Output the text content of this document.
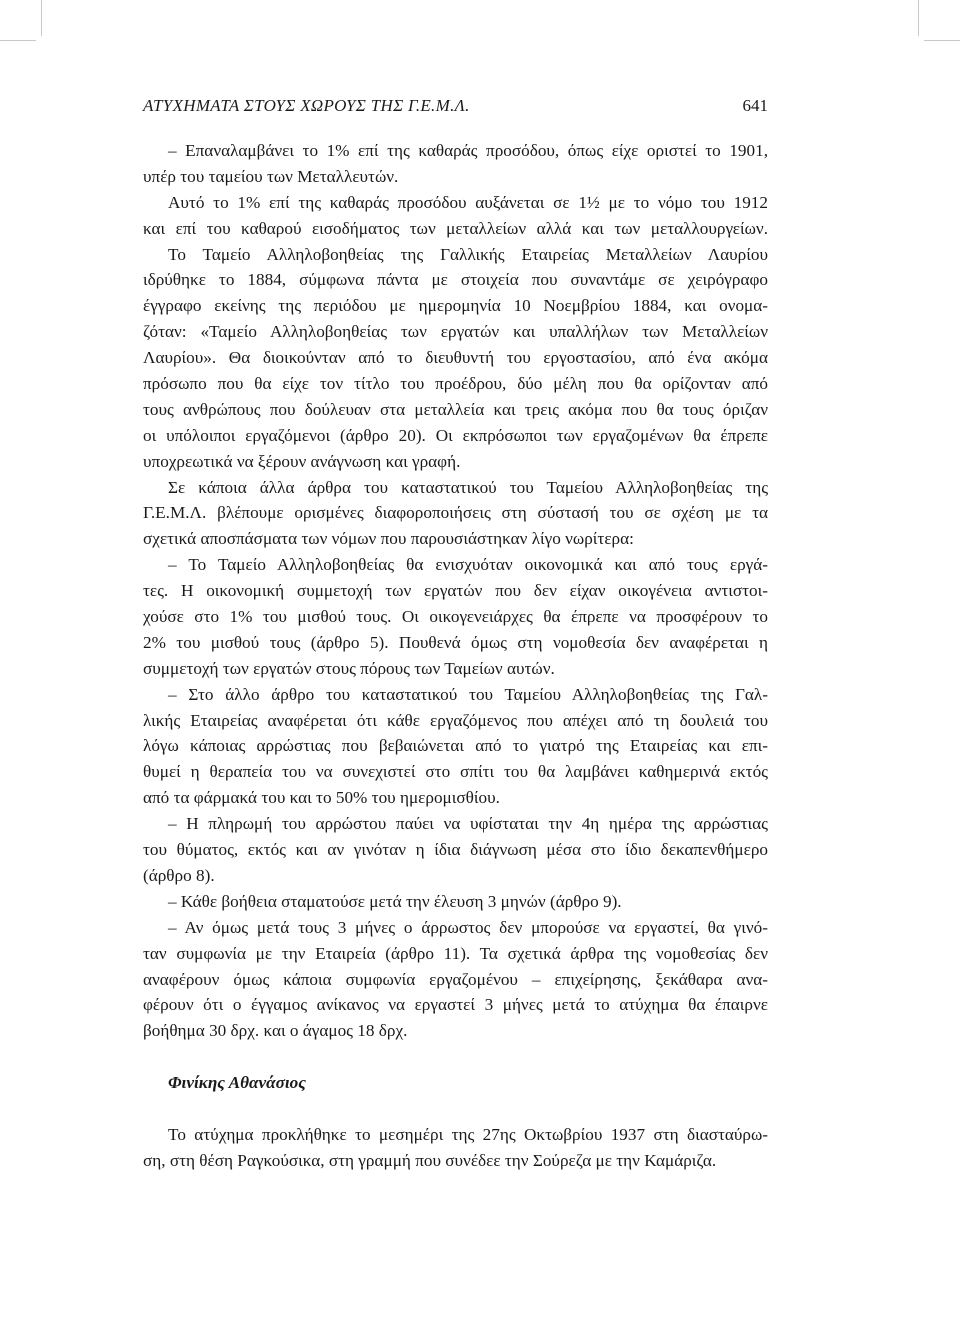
ΑΤΥΧΗΜΑΤΑ ΣΤΟΥΣ ΧΩΡΟΥΣ ΤΗΣ Γ.Ε.Μ.Λ.	641
– Επαναλαμβάνει το 1% επί της καθαράς προσόδου, όπως είχε οριστεί το 1901,
υπέρ του ταμείου των Μεταλλευτών.
Αυτό το 1% επί της καθαράς προσόδου αυξάνεται σε 1½ με το νόμο του 1912
και επί του καθαρού εισοδήματος των μεταλλείων αλλά και των μεταλλουργείων.
Το Ταμείο Αλληλοβοηθείας της Γαλλικής Εταιρείας Μεταλλείων Λαυρίου
ιδρύθηκε το 1884, σύμφωνα πάντα με στοιχεία που συναντάμε σε χειρόγραφο
έγγραφο εκείνης της περιόδου με ημερομηνία 10 Νοεμβρίου 1884, και ονομα-
ζόταν: «Ταμείο Αλληλοβοηθείας των εργατών και υπαλλήλων των Μεταλλείων
Λαυρίου». Θα διοικούνταν από το διευθυντή του εργοστασίου, από ένα ακόμα
πρόσωπο που θα είχε τον τίτλο του προέδρου, δύο μέλη που θα ορίζονταν από
τους ανθρώπους που δούλευαν στα μεταλλεία και τρεις ακόμα που θα τους όριζαν
οι υπόλοιποι εργαζόμενοι (άρθρο 20). Οι εκπρόσωποι των εργαζομένων θα έπρεπε
υποχρεωτικά να ξέρουν ανάγνωση και γραφή.
Σε κάποια άλλα άρθρα του καταστατικού του Ταμείου Αλληλοβοηθείας της
Γ.Ε.Μ.Λ. βλέπουμε ορισμένες διαφοροποιήσεις στη σύστασή του σε σχέση με τα
σχετικά αποσπάσματα των νόμων που παρουσιάστηκαν λίγο νωρίτερα:
– Το Ταμείο Αλληλοβοηθείας θα ενισχυόταν οικονομικά και από τους εργά-
τες. Η οικονομική συμμετοχή των εργατών που δεν είχαν οικογένεια αντιστοι-
χούσε στο 1% του μισθού τους. Οι οικογενειάρχες θα έπρεπε να προσφέρουν το
2% του μισθού τους (άρθρο 5). Πουθενά όμως στη νομοθεσία δεν αναφέρεται η
συμμετοχή των εργατών στους πόρους των Ταμείων αυτών.
– Στο άλλο άρθρο του καταστατικού του Ταμείου Αλληλοβοηθείας της Γαλ-
λικής Εταιρείας αναφέρεται ότι κάθε εργαζόμενος που απέχει από τη δουλειά του
λόγω κάποιας αρρώστιας που βεβαιώνεται από το γιατρό της Εταιρείας και επι-
θυμεί η θεραπεία του να συνεχιστεί στο σπίτι του θα λαμβάνει καθημερινά εκτός
από τα φάρμακά του και το 50% του ημερομισθίου.
– Η πληρωμή του αρρώστου παύει να υφίσταται την 4η ημέρα της αρρώστιας
του θύματος, εκτός και αν γινόταν η ίδια διάγνωση μέσα στο ίδιο δεκαπενθήμερο
(άρθρο 8).
– Κάθε βοήθεια σταματούσε μετά την έλευση 3 μηνών (άρθρο 9).
– Αν όμως μετά τους 3 μήνες ο άρρωστος δεν μπορούσε να εργαστεί, θα γινό-
ταν συμφωνία με την Εταιρεία (άρθρο 11). Τα σχετικά άρθρα της νομοθεσίας δεν
αναφέρουν όμως κάποια συμφωνία εργαζομένου – επιχείρησης, ξεκάθαρα ανα-
φέρουν ότι ο έγγαμος ανίκανος να εργαστεί 3 μήνες μετά το ατύχημα θα έπαιρνε
βοήθημα 30 δρχ. και ο άγαμος 18 δρχ.
Φινίκης Αθανάσιος
Το ατύχημα προκλήθηκε το μεσημέρι της 27ης Οκτωβρίου 1937 στη διασταύρω-
ση, στη θέση Ραγκούσικα, στη γραμμή που συνέδεε την Σούρεζα με την Καμάριζα.
